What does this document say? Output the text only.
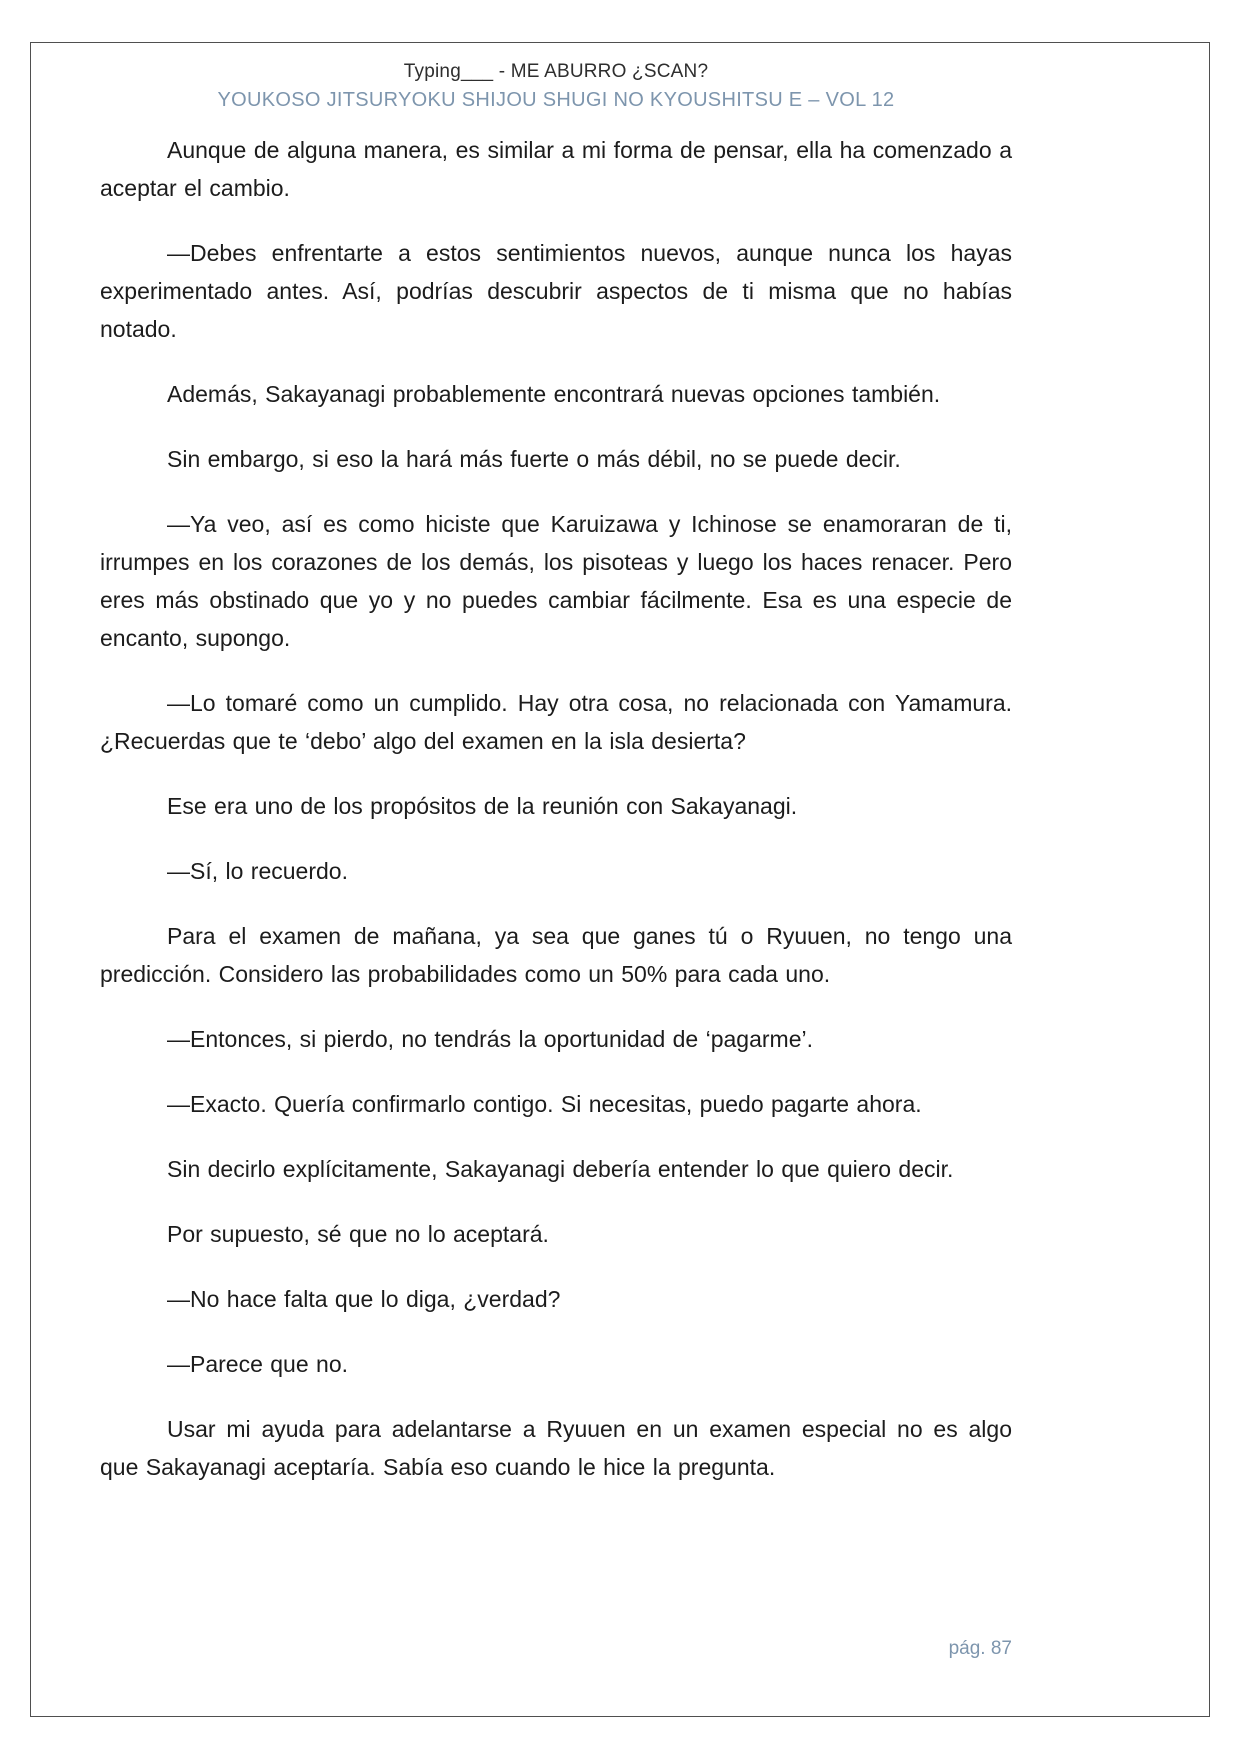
Typing___ - ME ABURRO ¿SCAN?
YOUKOSO JITSURYOKU SHIJOU SHUGI NO KYOUSHITSU E – VOL 12

Aunque de alguna manera, es similar a mi forma de pensar, ella ha comenzado a aceptar el cambio.

—Debes enfrentarte a estos sentimientos nuevos, aunque nunca los hayas experimentado antes. Así, podrías descubrir aspectos de ti misma que no habías notado.

Además, Sakayanagi probablemente encontrará nuevas opciones también.

Sin embargo, si eso la hará más fuerte o más débil, no se puede decir.

—Ya veo, así es como hiciste que Karuizawa y Ichinose se enamoraran de ti, irrumpes en los corazones de los demás, los pisoteas y luego los haces renacer. Pero eres más obstinado que yo y no puedes cambiar fácilmente. Esa es una especie de encanto, supongo.

—Lo tomaré como un cumplido. Hay otra cosa, no relacionada con Yamamura. ¿Recuerdas que te ‘debo’ algo del examen en la isla desierta?

Ese era uno de los propósitos de la reunión con Sakayanagi.

—Sí, lo recuerdo.

Para el examen de mañana, ya sea que ganes tú o Ryuuen, no tengo una predicción. Considero las probabilidades como un 50% para cada uno.

—Entonces, si pierdo, no tendrás la oportunidad de ‘pagarme’.

—Exacto. Quería confirmarlo contigo. Si necesitas, puedo pagarte ahora.

Sin decirlo explícitamente, Sakayanagi debería entender lo que quiero decir.

Por supuesto, sé que no lo aceptará.

—No hace falta que lo diga, ¿verdad?

—Parece que no.

Usar mi ayuda para adelantarse a Ryuuen en un examen especial no es algo que Sakayanagi aceptaría. Sabía eso cuando le hice la pregunta.

pág. 87
